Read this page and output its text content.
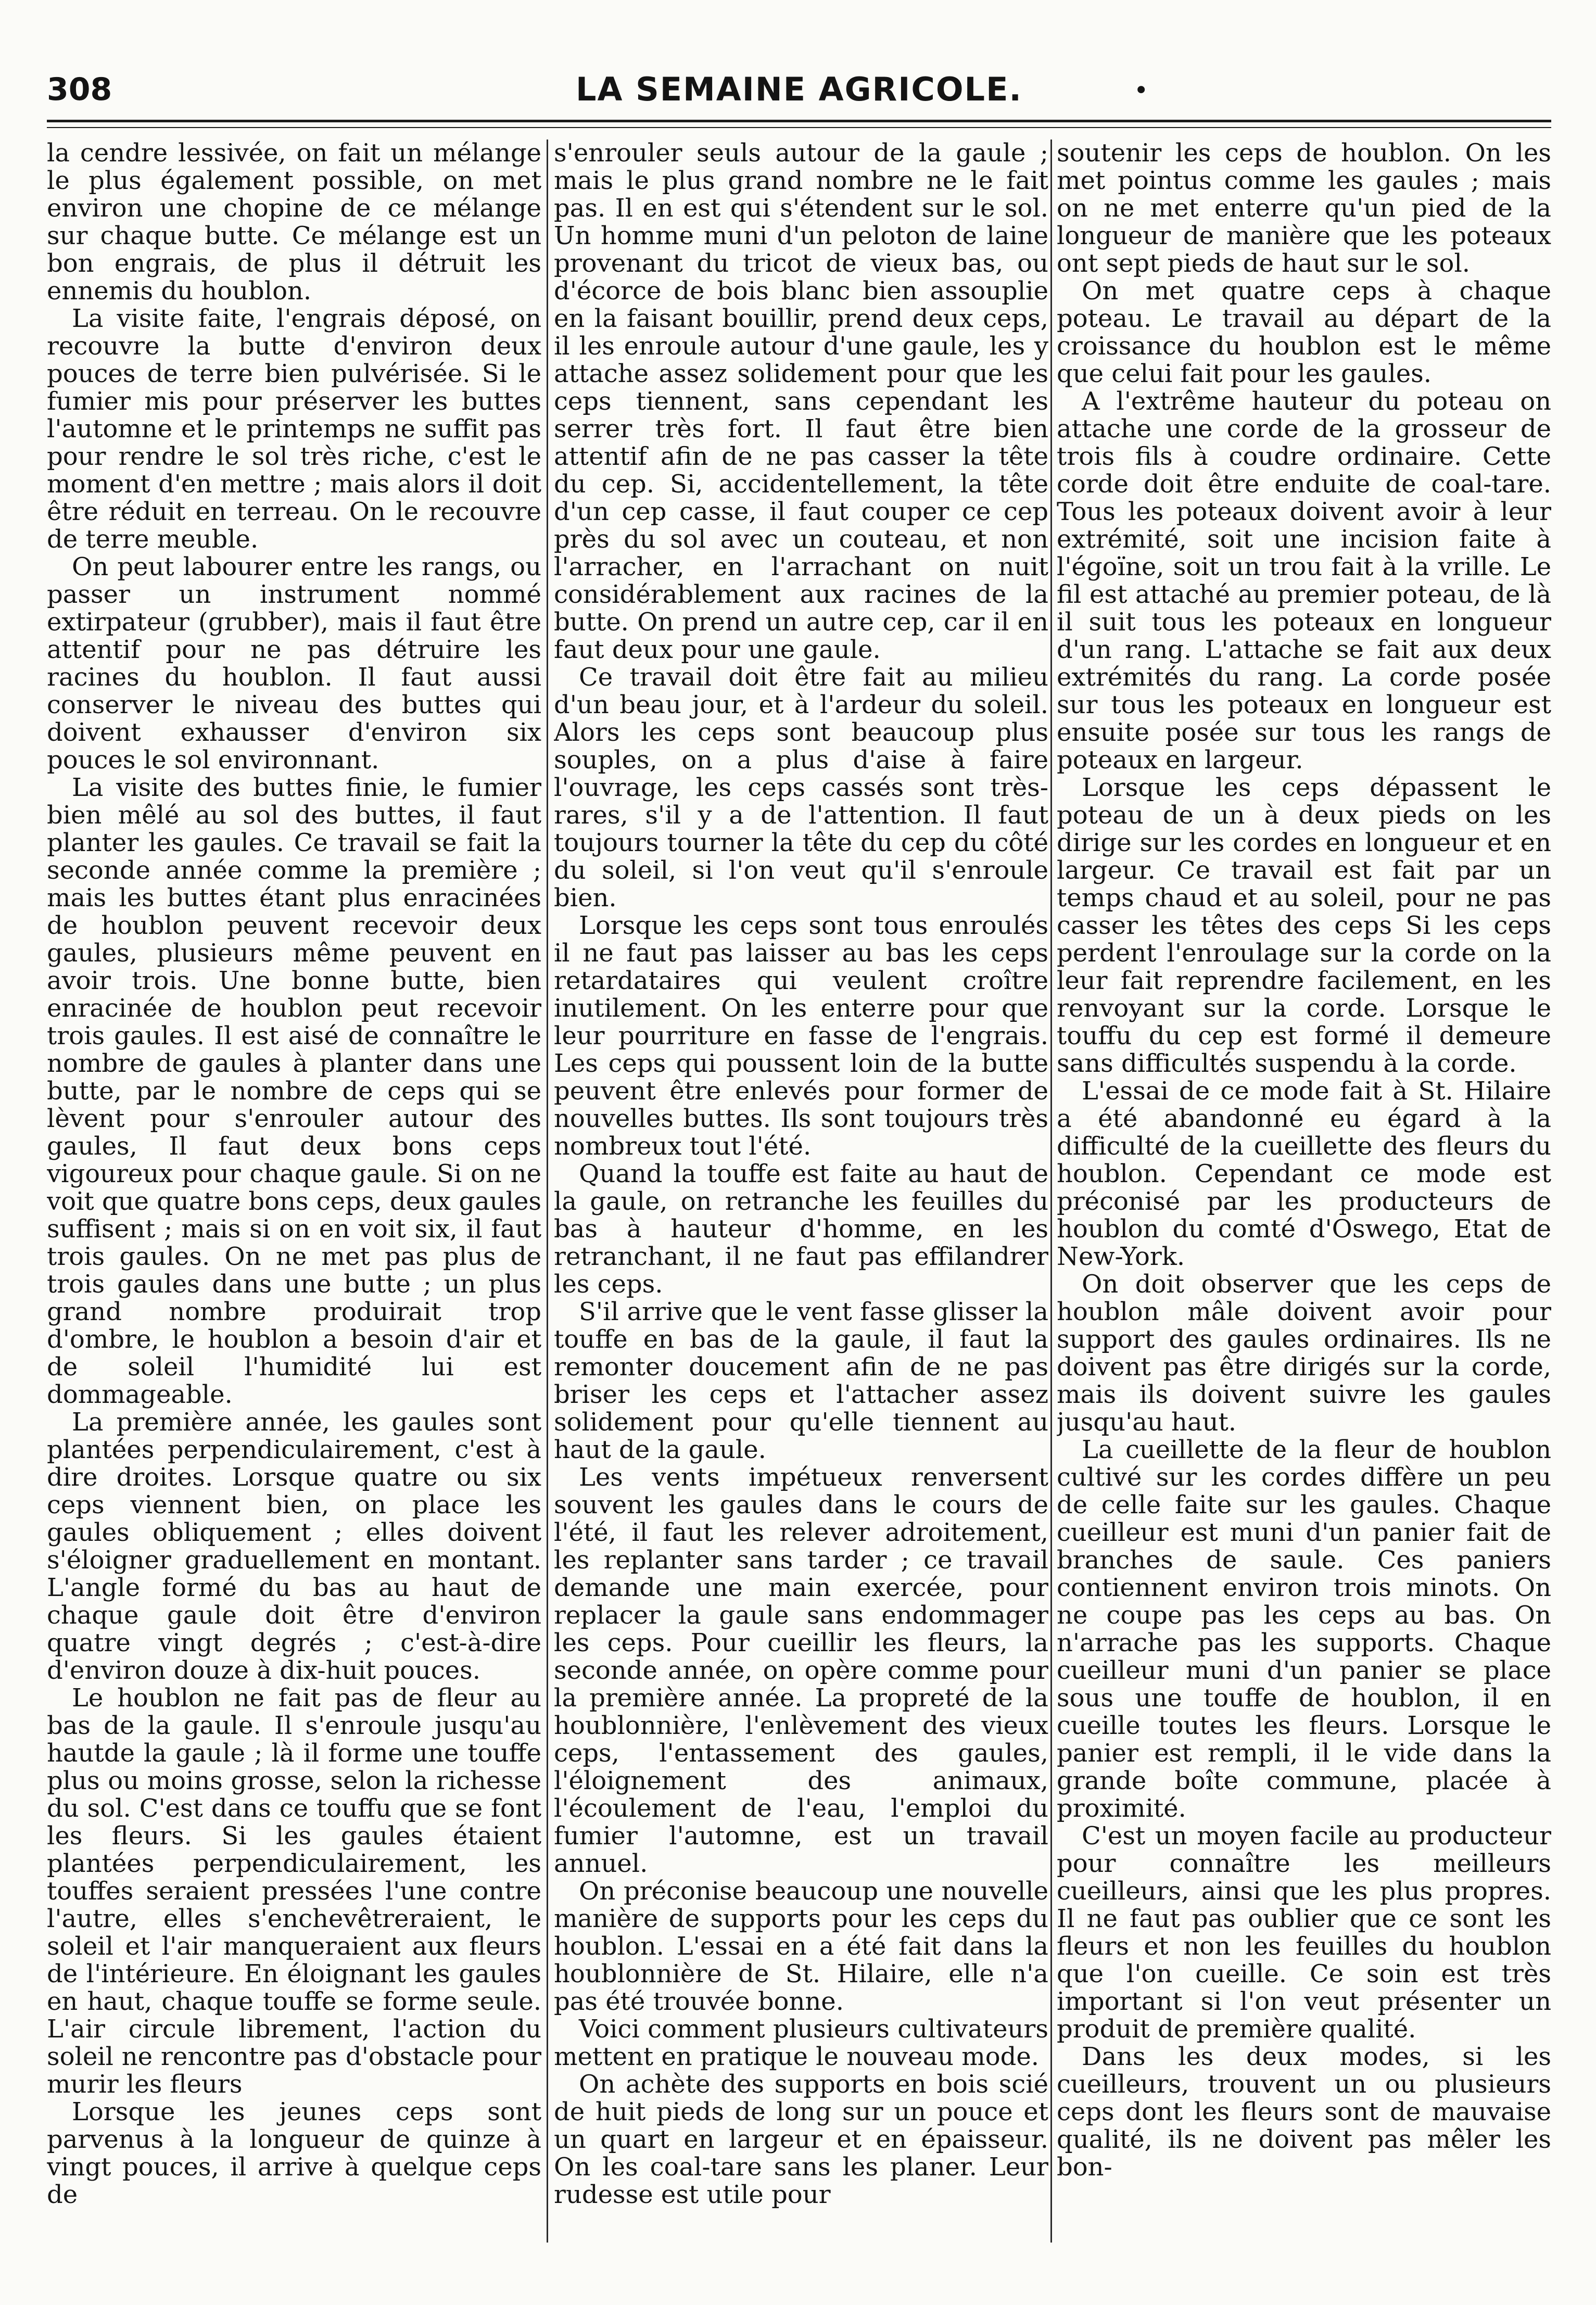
308	LA SEMAINE AGRICOLE.	•

la cendre lessivée, on fait un mélange le plus également possible, on met environ une chopine de ce mélange sur chaque butte. Ce mélange est un bon engrais, de plus il détruit les ennemis du houblon.

La visite faite, l'engrais déposé, on recouvre la butte d'environ deux pouces de terre bien pulvérisée. Si le fumier mis pour préserver les buttes l'automne et le printemps ne suffit pas pour rendre le sol très riche, c'est le moment d'en mettre ; mais alors il doit être réduit en terreau. On le recouvre de terre meuble.

On peut labourer entre les rangs, ou passer un instrument nommé extirpateur (grubber), mais il faut être attentif pour ne pas détruire les racines du houblon. Il faut aussi conserver le niveau des buttes qui doivent exhausser d'environ six pouces le sol environnant.

La visite des buttes finie, le fumier bien mêlé au sol des buttes, il faut planter les gaules. Ce travail se fait la seconde année comme la première ; mais les buttes étant plus enracinées de houblon peuvent recevoir deux gaules, plusieurs même peuvent en avoir trois. Une bonne butte, bien enracinée de houblon peut recevoir trois gaules. Il est aisé de connaître le nombre de gaules à planter dans une butte, par le nombre de ceps qui se lèvent pour s'enrouler autour des gaules, Il faut deux bons ceps vigoureux pour chaque gaule. Si on ne voit que quatre bons ceps, deux gaules suffisent ; mais si on en voit six, il faut trois gaules. On ne met pas plus de trois gaules dans une butte ; un plus grand nombre produirait trop d'ombre, le houblon a besoin d'air et de soleil l'humidité lui est dommageable.

La première année, les gaules sont plantées perpendiculairement, c'est à dire droites. Lorsque quatre ou six ceps viennent bien, on place les gaules obliquement ; elles doivent s'éloigner graduellement en montant. L'angle formé du bas au haut de chaque gaule doit être d'environ quatre vingt degrés ; c'est-à-dire d'environ douze à dix-huit pouces.

Le houblon ne fait pas de fleur au bas de la gaule. Il s'enroule jusqu'au hautde la gaule ; là il forme une touffe plus ou moins grosse, selon la richesse du sol. C'est dans ce touffu que se font les fleurs. Si les gaules étaient plantées perpendiculairement, les touffes seraient pressées l'une contre l'autre, elles s'enchevêtreraient, le soleil et l'air manqueraient aux fleurs de l'intérieure. En éloignant les gaules en haut, chaque touffe se forme seule. L'air circule librement, l'action du soleil ne rencontre pas d'obstacle pour murir les fleurs

Lorsque les jeunes ceps sont parvenus à la longueur de quinze à vingt pouces, il arrive à quelque ceps de

s'enrouler seuls autour de la gaule ; mais le plus grand nombre ne le fait pas. Il en est qui s'étendent sur le sol. Un homme muni d'un peloton de laine provenant du tricot de vieux bas, ou d'écorce de bois blanc bien assouplie en la faisant bouillir, prend deux ceps, il les enroule autour d'une gaule, les y attache assez solidement pour que les ceps tiennent, sans cependant les serrer très fort. Il faut être bien attentif afin de ne pas casser la tête du cep. Si, accidentellement, la tête d'un cep casse, il faut couper ce cep près du sol avec un couteau, et non l'arracher, en l'arrachant on nuit considérablement aux racines de la butte. On prend un autre cep, car il en faut deux pour une gaule.

Ce travail doit être fait au milieu d'un beau jour, et à l'ardeur du soleil. Alors les ceps sont beaucoup plus souples, on a plus d'aise à faire l'ouvrage, les ceps cassés sont très-rares, s'il y a de l'attention. Il faut toujours tourner la tête du cep du côté du soleil, si l'on veut qu'il s'enroule bien.

Lorsque les ceps sont tous enroulés il ne faut pas laisser au bas les ceps retardataires qui veulent croître inutilement. On les enterre pour que leur pourriture en fasse de l'engrais. Les ceps qui poussent loin de la butte peuvent être enlevés pour former de nouvelles buttes. Ils sont toujours très nombreux tout l'été.

Quand la touffe est faite au haut de la gaule, on retranche les feuilles du bas à hauteur d'homme, en les retranchant, il ne faut pas effilandrer les ceps.

S'il arrive que le vent fasse glisser la touffe en bas de la gaule, il faut la remonter doucement afin de ne pas briser les ceps et l'attacher assez solidement pour qu'elle tiennent au haut de la gaule.

Les vents impétueux renversent souvent les gaules dans le cours de l'été, il faut les relever adroitement, les replanter sans tarder ; ce travail demande une main exercée, pour replacer la gaule sans endommager les ceps. Pour cueillir les fleurs, la seconde année, on opère comme pour la première année. La propreté de la houblonnière, l'enlèvement des vieux ceps, l'entassement des gaules, l'éloignement des animaux, l'écoulement de l'eau, l'emploi du fumier l'automne, est un travail annuel.

On préconise beaucoup une nouvelle manière de supports pour les ceps du houblon. L'essai en a été fait dans la houblonnière de St. Hilaire, elle n'a pas été trouvée bonne.

Voici comment plusieurs cultivateurs mettent en pratique le nouveau mode.

On achète des supports en bois scié de huit pieds de long sur un pouce et un quart en largeur et en épaisseur. On les coal-tare sans les planer. Leur rudesse est utile pour

soutenir les ceps de houblon. On les met pointus comme les gaules ; mais on ne met enterre qu'un pied de la longueur de manière que les poteaux ont sept pieds de haut sur le sol.

On met quatre ceps à chaque poteau. Le travail au départ de la croissance du houblon est le même que celui fait pour les gaules.

A l'extrême hauteur du poteau on attache une corde de la grosseur de trois fils à coudre ordinaire. Cette corde doit être enduite de coal-tare. Tous les poteaux doivent avoir à leur extrémité, soit une incision faite à l'égoïne, soit un trou fait à la vrille. Le fil est attaché au premier poteau, de là il suit tous les poteaux en longueur d'un rang. L'attache se fait aux deux extrémités du rang. La corde posée sur tous les poteaux en longueur est ensuite posée sur tous les rangs de poteaux en largeur.

Lorsque les ceps dépassent le poteau de un à deux pieds on les dirige sur les cordes en longueur et en largeur. Ce travail est fait par un temps chaud et au soleil, pour ne pas casser les têtes des ceps Si les ceps perdent l'enroulage sur la corde on la leur fait reprendre facilement, en les renvoyant sur la corde. Lorsque le touffu du cep est formé il demeure sans difficultés suspendu à la corde.

L'essai de ce mode fait à St. Hilaire a été abandonné eu égard à la difficulté de la cueillette des fleurs du houblon. Cependant ce mode est préconisé par les producteurs de houblon du comté d'Oswego, Etat de New-York.

On doit observer que les ceps de houblon mâle doivent avoir pour support des gaules ordinaires. Ils ne doivent pas être dirigés sur la corde, mais ils doivent suivre les gaules jusqu'au haut.

La cueillette de la fleur de houblon cultivé sur les cordes diffère un peu de celle faite sur les gaules. Chaque cueilleur est muni d'un panier fait de branches de saule. Ces paniers contiennent environ trois minots. On ne coupe pas les ceps au bas. On n'arrache pas les supports. Chaque cueilleur muni d'un panier se place sous une touffe de houblon, il en cueille toutes les fleurs. Lorsque le panier est rempli, il le vide dans la grande boîte commune, placée à proximité.

C'est un moyen facile au producteur pour connaître les meilleurs cueilleurs, ainsi que les plus propres. Il ne faut pas oublier que ce sont les fleurs et non les feuilles du houblon que l'on cueille. Ce soin est très important si l'on veut présenter un produit de première qualité.

Dans les deux modes, si les cueilleurs, trouvent un ou plusieurs ceps dont les fleurs sont de mauvaise qualité, ils ne doivent pas mêler les bon-
